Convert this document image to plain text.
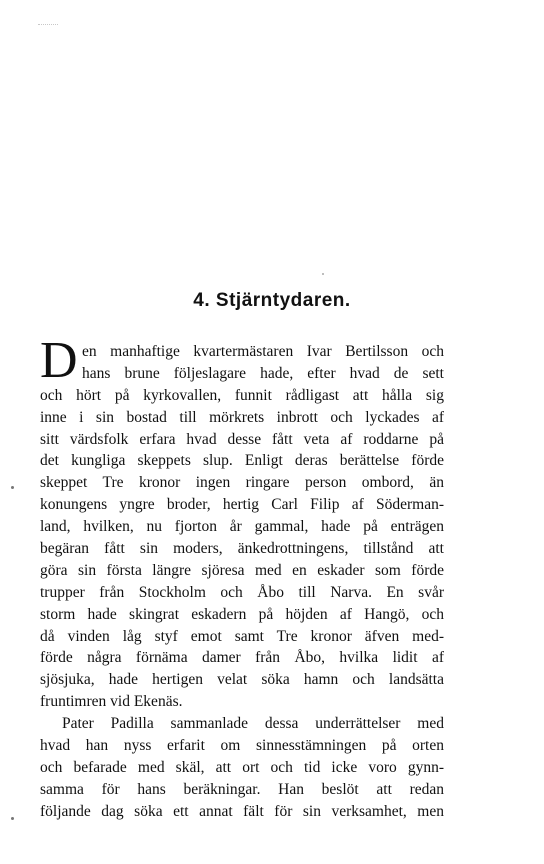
4. Stjärntydaren.
D en manhaftige kvartermästaren Ivar Bertilsson och
hans brune följeslagare hade, efter hvad de sett
och hört på kyrkovallen, funnit rådligast att hålla sig
inne i sin bostad till mörkrets inbrott och lyckades af
sitt värdsfolk erfara hvad desse fått veta af roddarne på
det kungliga skeppets slup. Enligt deras berättelse förde
skeppet Tre kronor ingen ringare person ombord, än
konungens yngre broder, hertig Carl Filip af Söderman-
land, hvilken, nu fjorton år gammal, hade på enträgen
begäran fått sin moders, änkedrottningens, tillstånd att
göra sin första längre sjöresa med en eskader som förde
trupper från Stockholm och Åbo till Narva. En svår
storm hade skingrat eskadern på höjden af Hangö, och
då vinden låg styf emot samt Tre kronor äfven med-
förde några förnäma damer från Åbo, hvilka lidit af
sjösjuka, hade hertigen velat söka hamn och landsätta
fruntimren vid Ekenäs.
Pater Padilla sammanlade dessa underrättelser med
hvad han nyss erfarit om sinnesstämningen på orten
och befarade med skäl, att ort och tid icke voro gynn-
samma för hans beräkningar. Han beslöt att redan
följande dag söka ett annat fält för sin verksamhet, men
